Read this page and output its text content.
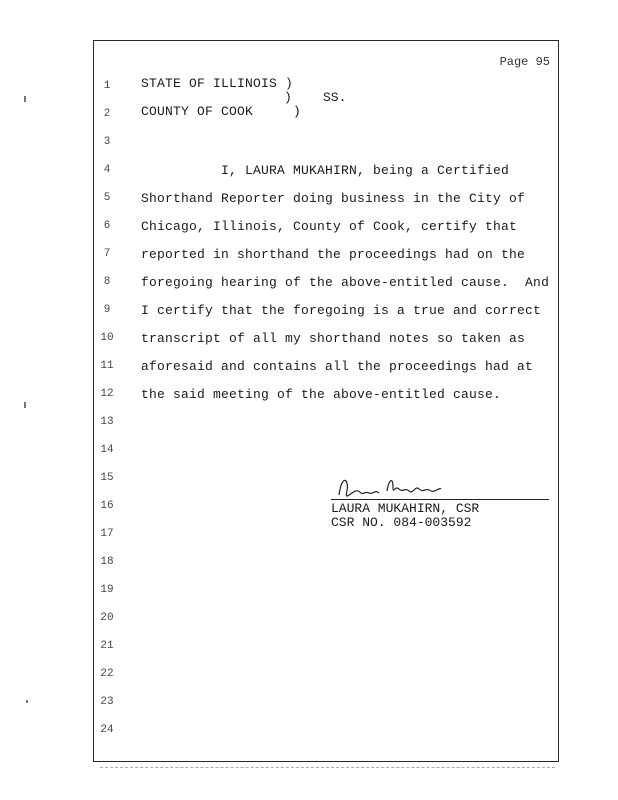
Page 95
STATE OF ILLINOIS )
)    SS.
COUNTY OF COOK     )
1
2
3
4	I, LAURA MUKAHIRN, being a Certified
5	Shorthand Reporter doing business in the City of
6	Chicago, Illinois, County of Cook, certify that
7	reported in shorthand the proceedings had on the
8	foregoing hearing of the above-entitled cause.  And
9	I certify that the foregoing is a true and correct
10	transcript of all my shorthand notes so taken as
11	aforesaid and contains all the proceedings had at
12	the said meeting of the above-entitled cause.
13
14
15
16
17
18
19
20
21
22
23
24
LAURA MUKAHIRN, CSR
CSR NO. 084-003592
